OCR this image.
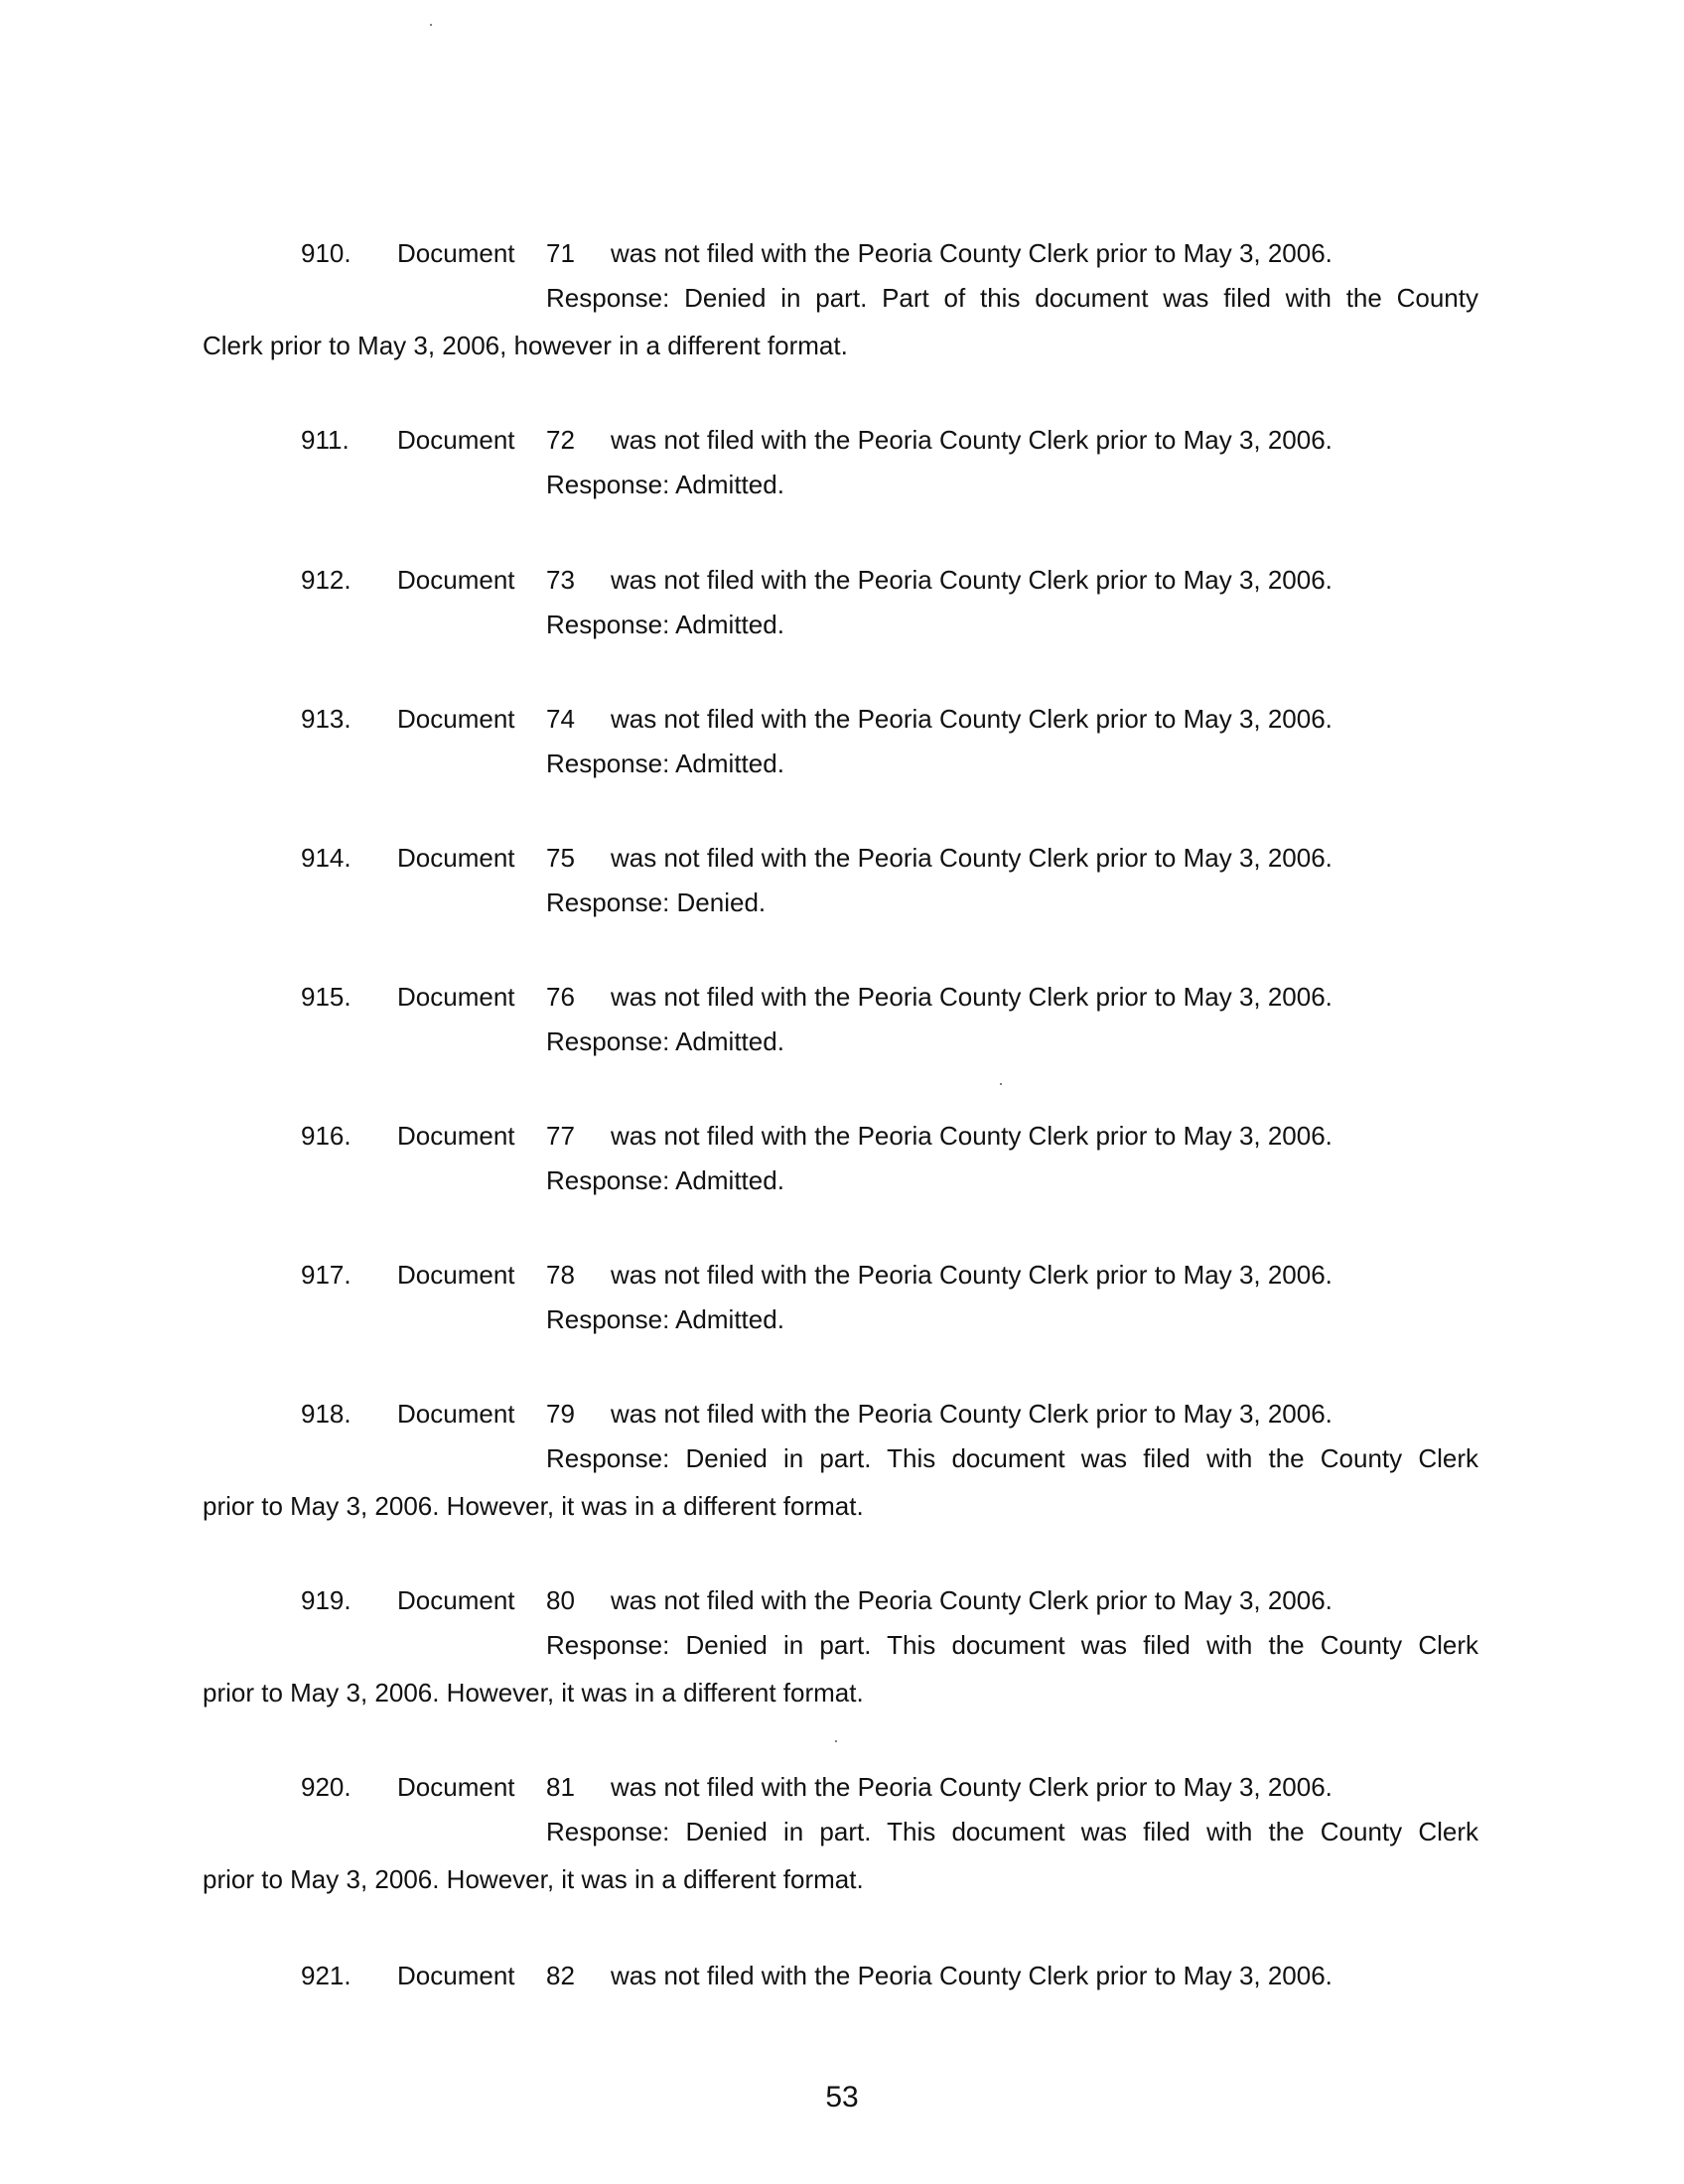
910. Document 71 was not filed with the Peoria County Clerk prior to May 3, 2006.
Response: Denied in part. Part of this document was filed with the County
Clerk prior to May 3, 2006, however in a different format.
911. Document 72 was not filed with the Peoria County Clerk prior to May 3, 2006.
Response: Admitted.
912. Document 73 was not filed with the Peoria County Clerk prior to May 3, 2006.
Response: Admitted.
913. Document 74 was not filed with the Peoria County Clerk prior to May 3, 2006.
Response: Admitted.
914. Document 75 was not filed with the Peoria County Clerk prior to May 3, 2006.
Response: Denied.
915. Document 76 was not filed with the Peoria County Clerk prior to May 3, 2006.
Response: Admitted.
916. Document 77 was not filed with the Peoria County Clerk prior to May 3, 2006.
Response: Admitted.
917. Document 78 was not filed with the Peoria County Clerk prior to May 3, 2006.
Response: Admitted.
918. Document 79 was not filed with the Peoria County Clerk prior to May 3, 2006.
Response: Denied in part. This document was filed with the County Clerk
prior to May 3, 2006. However, it was in a different format.
919. Document 80 was not filed with the Peoria County Clerk prior to May 3, 2006.
Response: Denied in part. This document was filed with the County Clerk
prior to May 3, 2006. However, it was in a different format.
920. Document 81 was not filed with the Peoria County Clerk prior to May 3, 2006.
Response: Denied in part. This document was filed with the County Clerk
prior to May 3, 2006. However, it was in a different format.
921. Document 82 was not filed with the Peoria County Clerk prior to May 3, 2006.
53
